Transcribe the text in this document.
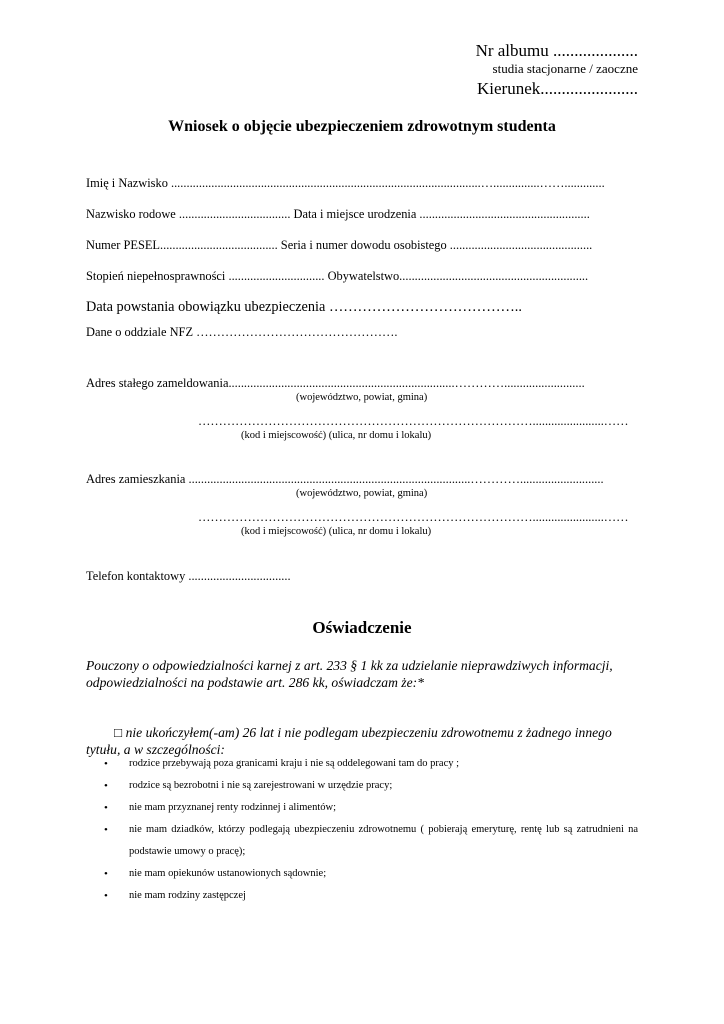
Nr albumu ....................
studia stacjonarne / zaoczne
Kierunek.......................
Wniosek o objęcie ubezpieczeniem zdrowotnym studenta
Imię i Nazwisko ....................................................................................................…...............…….............
Nazwisko rodowe .................................... Data i miejsce urodzenia .......................................................
Numer PESEL...................................... Seria i numer dowodu osobistego ..............................................
Stopień niepełnosprawności ............................... Obywatelstwo.............................................................
Data powstania obowiązku ubezpieczenia …………………………………..
Dane o oddziale NFZ ………………………………………….
Adres stałego zameldowania.........................................................................…………..........................
(województwo, powiat, gmina)
……………………………………………………………………….......................……
(kod i miejscowość) (ulica, nr domu i lokalu)
Adres zamieszkania ...........................................................................................…………...........................
(województwo, powiat, gmina)
……………………………………………………………………….......................……
(kod i miejscowość) (ulica, nr domu i lokalu)
Telefon kontaktowy .................................
Oświadczenie
Pouczony o odpowiedzialności karnej z art. 233 § 1 kk za udzielanie nieprawdziwych informacji, odpowiedzialności na podstawie art. 286 kk, oświadczam że:*
□ nie ukończyłem(-am) 26 lat i nie podlegam ubezpieczeniu zdrowotnemu z żadnego innego tytułu, a w szczególności:
• rodzice przebywają poza granicami kraju i nie są oddelegowani tam do pracy ;
• rodzice są bezrobotni i nie są zarejestrowani w urzędzie pracy;
• nie mam przyznanej renty rodzinnej i alimentów;
• nie mam dziadków, którzy podlegają ubezpieczeniu zdrowotnemu ( pobierają emeryturę, rentę lub są zatrudnieni na podstawie umowy o pracę);
• nie mam opiekunów ustanowionych sądownie;
• nie mam rodziny zastępczej
